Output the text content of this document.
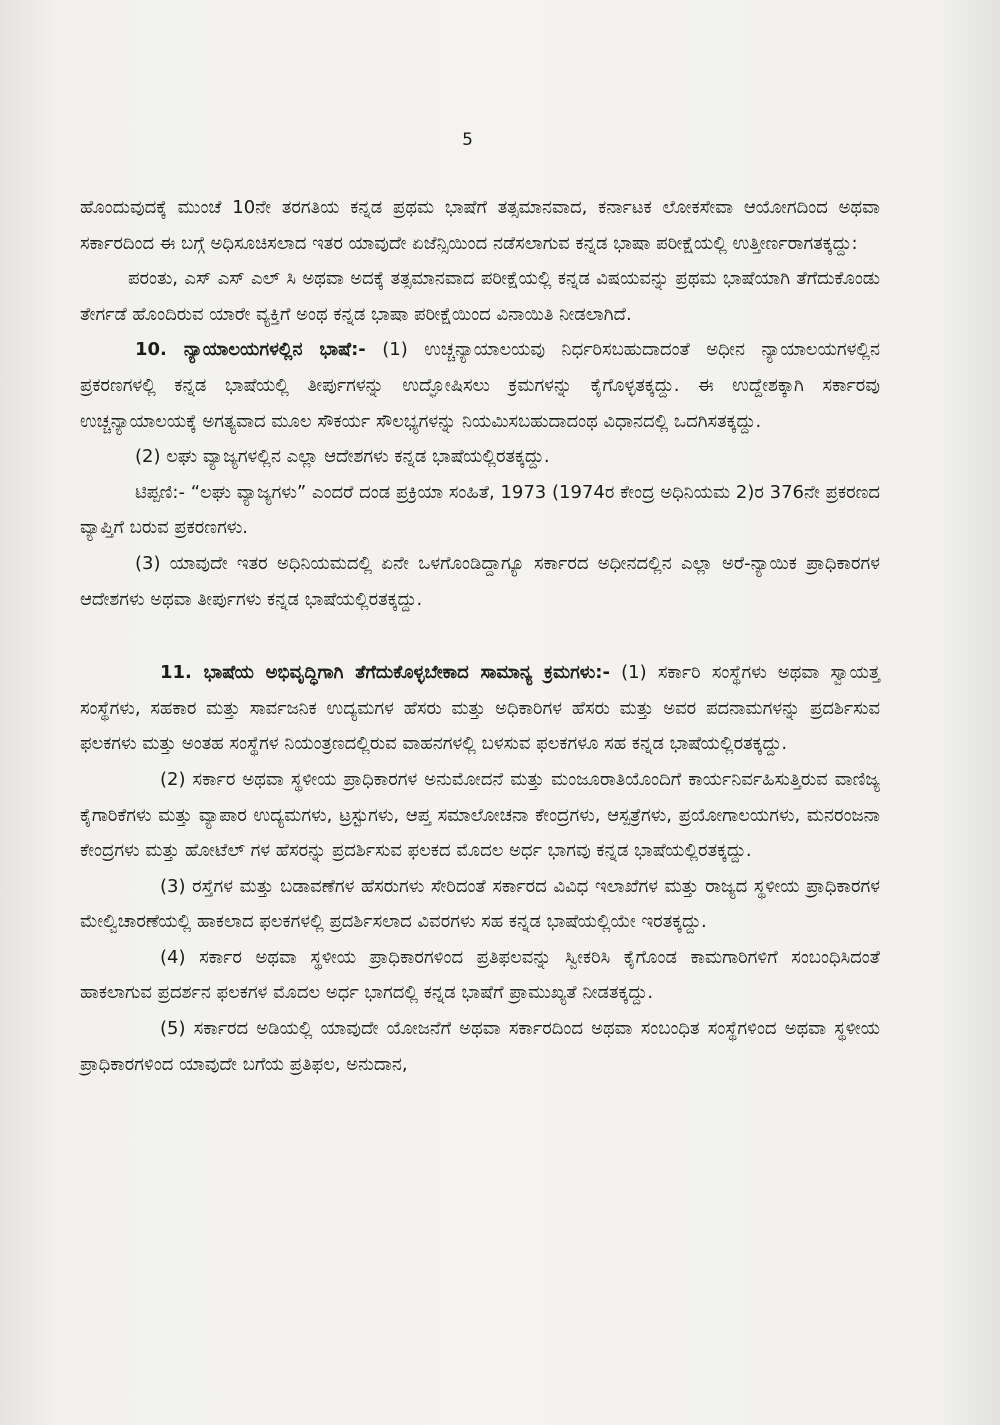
5

ಹೊಂದುವುದಕ್ಕೆ ಮುಂಚೆ 10ನೇ ತರಗತಿಯ ಕನ್ನಡ ಪ್ರಥಮ ಭಾಷೆಗೆ ತತ್ಸಮಾನವಾದ, ಕರ್ನಾಟಕ ಲೋಕಸೇವಾ ಆಯೋಗದಿಂದ ಅಥವಾ ಸರ್ಕಾರದಿಂದ ಈ ಬಗ್ಗೆ ಅಧಿಸೂಚಿಸಲಾದ ಇತರ ಯಾವುದೇ ಏಜೆನ್ಸಿಯಿಂದ ನಡೆಸಲಾಗುವ ಕನ್ನಡ ಭಾಷಾ ಪರೀಕ್ಷೆಯಲ್ಲಿ ಉತ್ತೀರ್ಣರಾಗತಕ್ಕದ್ದು:

ಪರಂತು, ಎಸ್ ಎಸ್ ಎಲ್ ಸಿ ಅಥವಾ ಅದಕ್ಕೆ ತತ್ಸಮಾನವಾದ ಪರೀಕ್ಷೆಯಲ್ಲಿ ಕನ್ನಡ ವಿಷಯವನ್ನು ಪ್ರಥಮ ಭಾಷೆಯಾಗಿ ತೆಗೆದುಕೊಂಡು ತೇರ್ಗಡೆ ಹೊಂದಿರುವ ಯಾರೇ ವ್ಯಕ್ತಿಗೆ ಅಂಥ ಕನ್ನಡ ಭಾಷಾ ಪರೀಕ್ಷೆಯಿಂದ ವಿನಾಯಿತಿ ನೀಡಲಾಗಿದೆ.

10. ನ್ಯಾಯಾಲಯಗಳಲ್ಲಿನ ಭಾಷೆ:- (1) ಉಚ್ಚನ್ಯಾಯಾಲಯವು ನಿರ್ಧರಿಸಬಹುದಾದಂತೆ ಅಧೀನ ನ್ಯಾಯಾಲಯಗಳಲ್ಲಿನ ಪ್ರಕರಣಗಳಲ್ಲಿ ಕನ್ನಡ ಭಾಷೆಯಲ್ಲಿ ತೀರ್ಪುಗಳನ್ನು ಉದ್ಘೋಷಿಸಲು ಕ್ರಮಗಳನ್ನು ಕೈಗೊಳ್ಳತಕ್ಕದ್ದು. ಈ ಉದ್ದೇಶಕ್ಕಾಗಿ ಸರ್ಕಾರವು ಉಚ್ಚನ್ಯಾಯಾಲಯಕ್ಕೆ ಅಗತ್ಯವಾದ ಮೂಲ ಸೌಕರ್ಯ ಸೌಲಭ್ಯಗಳನ್ನು ನಿಯಮಿಸಬಹುದಾದಂಥ ವಿಧಾನದಲ್ಲಿ ಒದಗಿಸತಕ್ಕದ್ದು.

(2) ಲಘು ವ್ಯಾಜ್ಯಗಳಲ್ಲಿನ ಎಲ್ಲಾ ಆದೇಶಗಳು ಕನ್ನಡ ಭಾಷೆಯಲ್ಲಿರತಕ್ಕದ್ದು.

ಟಿಪ್ಪಣಿ:- “ಲಘು ವ್ಯಾಜ್ಯಗಳು” ಎಂದರೆ ದಂಡ ಪ್ರಕ್ರಿಯಾ ಸಂಹಿತೆ, 1973 (1974ರ ಕೇಂದ್ರ ಅಧಿನಿಯಮ 2)ರ 376ನೇ ಪ್ರಕರಣದ ವ್ಯಾಪ್ತಿಗೆ ಬರುವ ಪ್ರಕರಣಗಳು.

(3) ಯಾವುದೇ ಇತರ ಅಧಿನಿಯಮದಲ್ಲಿ ಏನೇ ಒಳಗೊಂಡಿದ್ದಾಗ್ಯೂ ಸರ್ಕಾರದ ಅಧೀನದಲ್ಲಿನ ಎಲ್ಲಾ ಅರೆ-ನ್ಯಾಯಿಕ ಪ್ರಾಧಿಕಾರಗಳ ಆದೇಶಗಳು ಅಥವಾ ತೀರ್ಪುಗಳು ಕನ್ನಡ ಭಾಷೆಯಲ್ಲಿರತಕ್ಕದ್ದು.

11. ಭಾಷೆಯ ಅಭಿವೃದ್ಧಿಗಾಗಿ ತೆಗೆದುಕೊಳ್ಳಬೇಕಾದ ಸಾಮಾನ್ಯ ಕ್ರಮಗಳು:- (1) ಸರ್ಕಾರಿ ಸಂಸ್ಥೆಗಳು ಅಥವಾ ಸ್ವಾಯತ್ತ ಸಂಸ್ಥೆಗಳು, ಸಹಕಾರ ಮತ್ತು ಸಾರ್ವಜನಿಕ ಉದ್ಯಮಗಳ ಹೆಸರು ಮತ್ತು ಅಧಿಕಾರಿಗಳ ಹೆಸರು ಮತ್ತು ಅವರ ಪದನಾಮಗಳನ್ನು ಪ್ರದರ್ಶಿಸುವ ಫಲಕಗಳು ಮತ್ತು ಅಂತಹ ಸಂಸ್ಥೆಗಳ ನಿಯಂತ್ರಣದಲ್ಲಿರುವ ವಾಹನಗಳಲ್ಲಿ ಬಳಸುವ ಫಲಕಗಳೂ ಸಹ ಕನ್ನಡ ಭಾಷೆಯಲ್ಲಿರತಕ್ಕದ್ದು.

(2) ಸರ್ಕಾರ ಅಥವಾ ಸ್ಥಳೀಯ ಪ್ರಾಧಿಕಾರಗಳ ಅನುಮೋದನೆ ಮತ್ತು ಮಂಜೂರಾತಿಯೊಂದಿಗೆ ಕಾರ್ಯನಿರ್ವಹಿಸುತ್ತಿರುವ ವಾಣಿಜ್ಯ ಕೈಗಾರಿಕೆಗಳು ಮತ್ತು ವ್ಯಾಪಾರ ಉದ್ಯಮಗಳು, ಟ್ರಸ್ಟುಗಳು, ಆಪ್ತ ಸಮಾಲೋಚನಾ ಕೇಂದ್ರಗಳು, ಆಸ್ಪತ್ರೆಗಳು, ಪ್ರಯೋಗಾಲಯಗಳು, ಮನರಂಜನಾ ಕೇಂದ್ರಗಳು ಮತ್ತು ಹೋಟೆಲ್ ಗಳ ಹೆಸರನ್ನು ಪ್ರದರ್ಶಿಸುವ ಫಲಕದ ಮೊದಲ ಅರ್ಧ ಭಾಗವು ಕನ್ನಡ ಭಾಷೆಯಲ್ಲಿರತಕ್ಕದ್ದು.

(3) ರಸ್ತೆಗಳ ಮತ್ತು ಬಡಾವಣೆಗಳ ಹೆಸರುಗಳು ಸೇರಿದಂತೆ ಸರ್ಕಾರದ ವಿವಿಧ ಇಲಾಖೆಗಳ ಮತ್ತು ರಾಜ್ಯದ ಸ್ಥಳೀಯ ಪ್ರಾಧಿಕಾರಗಳ ಮೇಲ್ವಿಚಾರಣೆಯಲ್ಲಿ ಹಾಕಲಾದ ಫಲಕಗಳಲ್ಲಿ ಪ್ರದರ್ಶಿಸಲಾದ ವಿವರಗಳು ಸಹ ಕನ್ನಡ ಭಾಷೆಯಲ್ಲಿಯೇ ಇರತಕ್ಕದ್ದು.

(4) ಸರ್ಕಾರ ಅಥವಾ ಸ್ಥಳೀಯ ಪ್ರಾಧಿಕಾರಗಳಿಂದ ಪ್ರತಿಫಲವನ್ನು ಸ್ವೀಕರಿಸಿ ಕೈಗೊಂಡ ಕಾಮಗಾರಿಗಳಿಗೆ ಸಂಬಂಧಿಸಿದಂತೆ ಹಾಕಲಾಗುವ ಪ್ರದರ್ಶನ ಫಲಕಗಳ ಮೊದಲ ಅರ್ಧ ಭಾಗದಲ್ಲಿ ಕನ್ನಡ ಭಾಷೆಗೆ ಪ್ರಾಮುಖ್ಯತೆ ನೀಡತಕ್ಕದ್ದು.

(5) ಸರ್ಕಾರದ ಅಡಿಯಲ್ಲಿ ಯಾವುದೇ ಯೋಜನೆಗೆ ಅಥವಾ ಸರ್ಕಾರದಿಂದ ಅಥವಾ ಸಂಬಂಧಿತ ಸಂಸ್ಥೆಗಳಿಂದ ಅಥವಾ ಸ್ಥಳೀಯ ಪ್ರಾಧಿಕಾರಗಳಿಂದ ಯಾವುದೇ ಬಗೆಯ ಪ್ರತಿಫಲ, ಅನುದಾನ,
